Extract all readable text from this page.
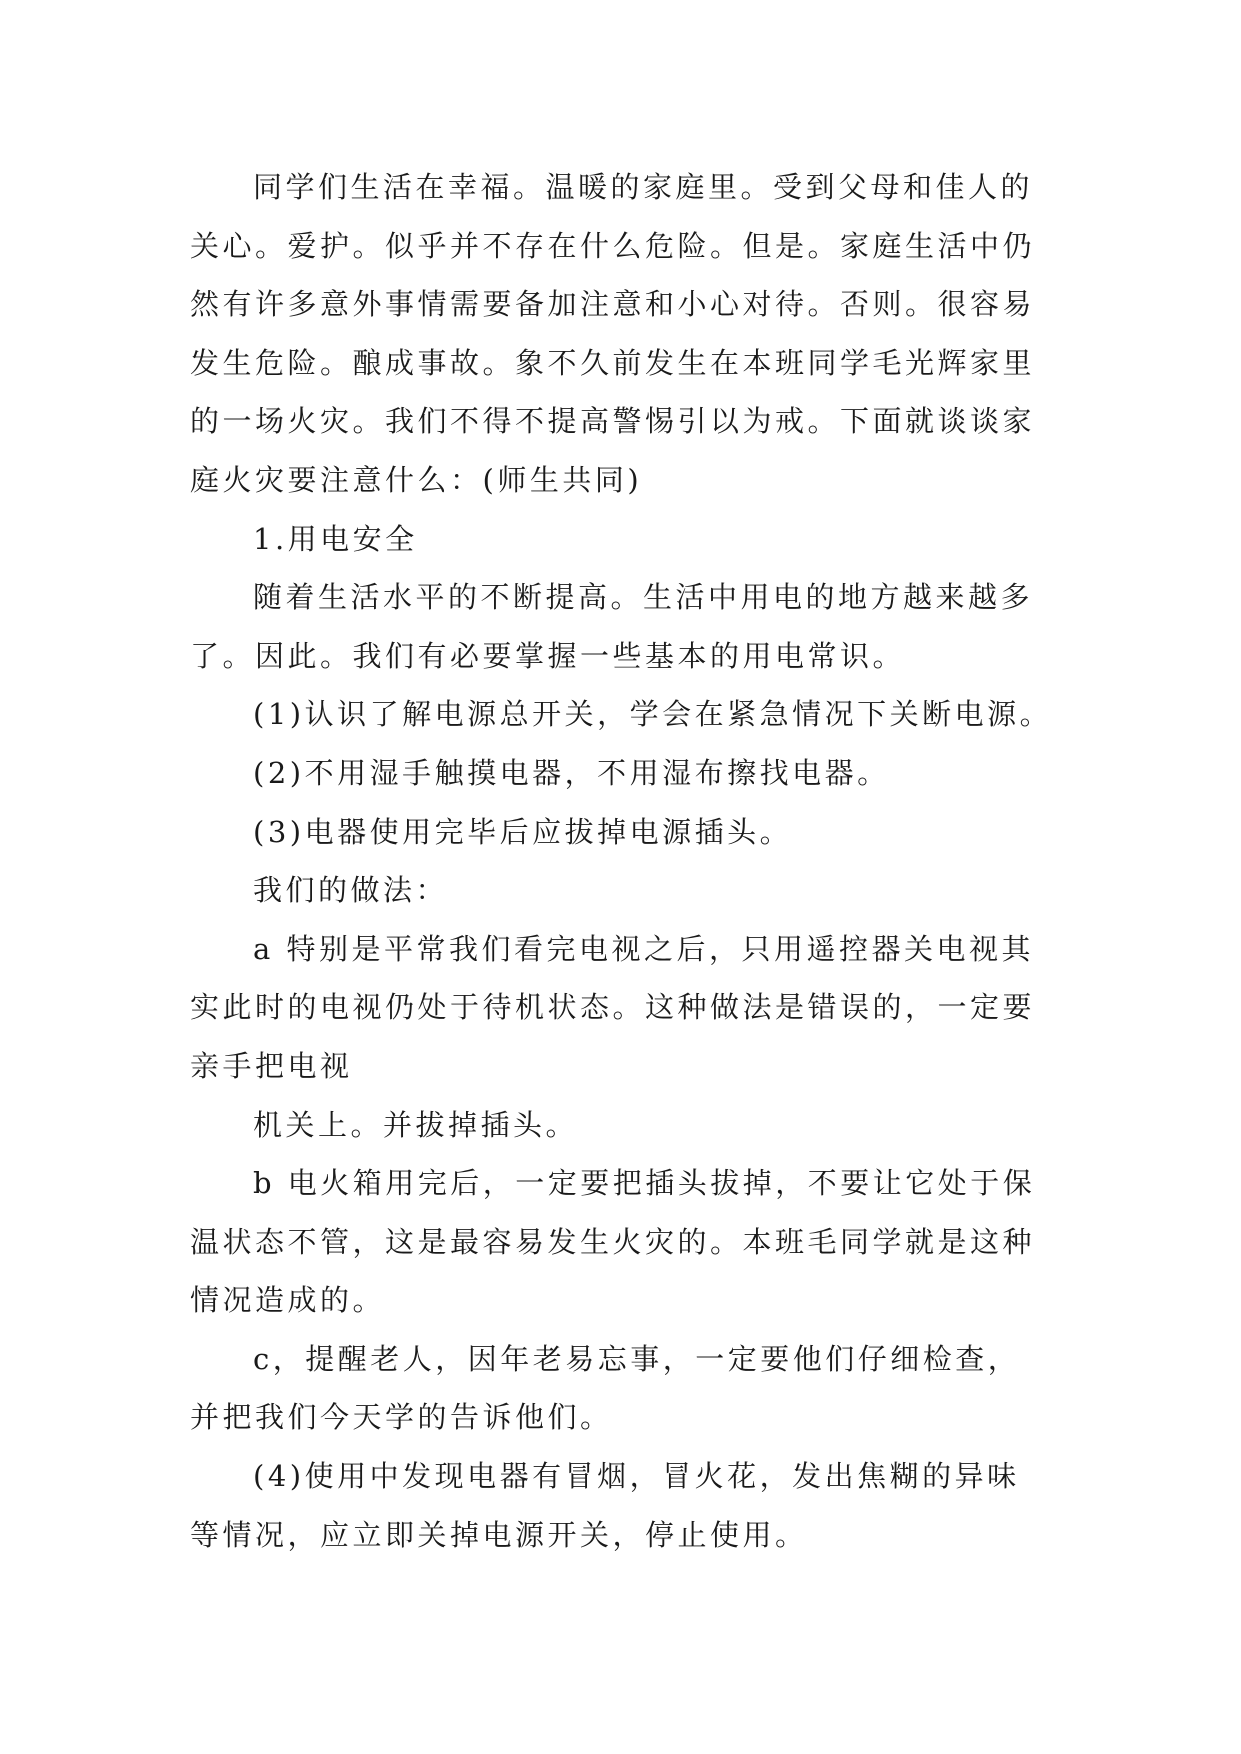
同学们生活在幸福。温暖的家庭里。受到父母和佳人的

关心。爱护。似乎并不存在什么危险。但是。家庭生活中仍

然有许多意外事情需要备加注意和小心对待。否则。很容易

发生危险。酿成事故。象不久前发生在本班同学毛光辉家里

的一场火灾。我们不得不提高警惕引以为戒。下面就谈谈家

庭火灾要注意什么：(师生共同)

1.用电安全

随着生活水平的不断提高。生活中用电的地方越来越多

了。因此。我们有必要掌握一些基本的用电常识。

(1)认识了解电源总开关，学会在紧急情况下关断电源。

(2)不用湿手触摸电器，不用湿布擦找电器。

(3)电器使用完毕后应拔掉电源插头。

我们的做法：

a 特别是平常我们看完电视之后，只用遥控器关电视其

实此时的电视仍处于待机状态。这种做法是错误的，一定要

亲手把电视

机关上。并拔掉插头。

b 电火箱用完后，一定要把插头拔掉，不要让它处于保

温状态不管，这是最容易发生火灾的。本班毛同学就是这种

情况造成的。

c，提醒老人，因年老易忘事，一定要他们仔细检查，

并把我们今天学的告诉他们。

(4)使用中发现电器有冒烟，冒火花，发出焦糊的异味

等情况，应立即关掉电源开关，停止使用。
